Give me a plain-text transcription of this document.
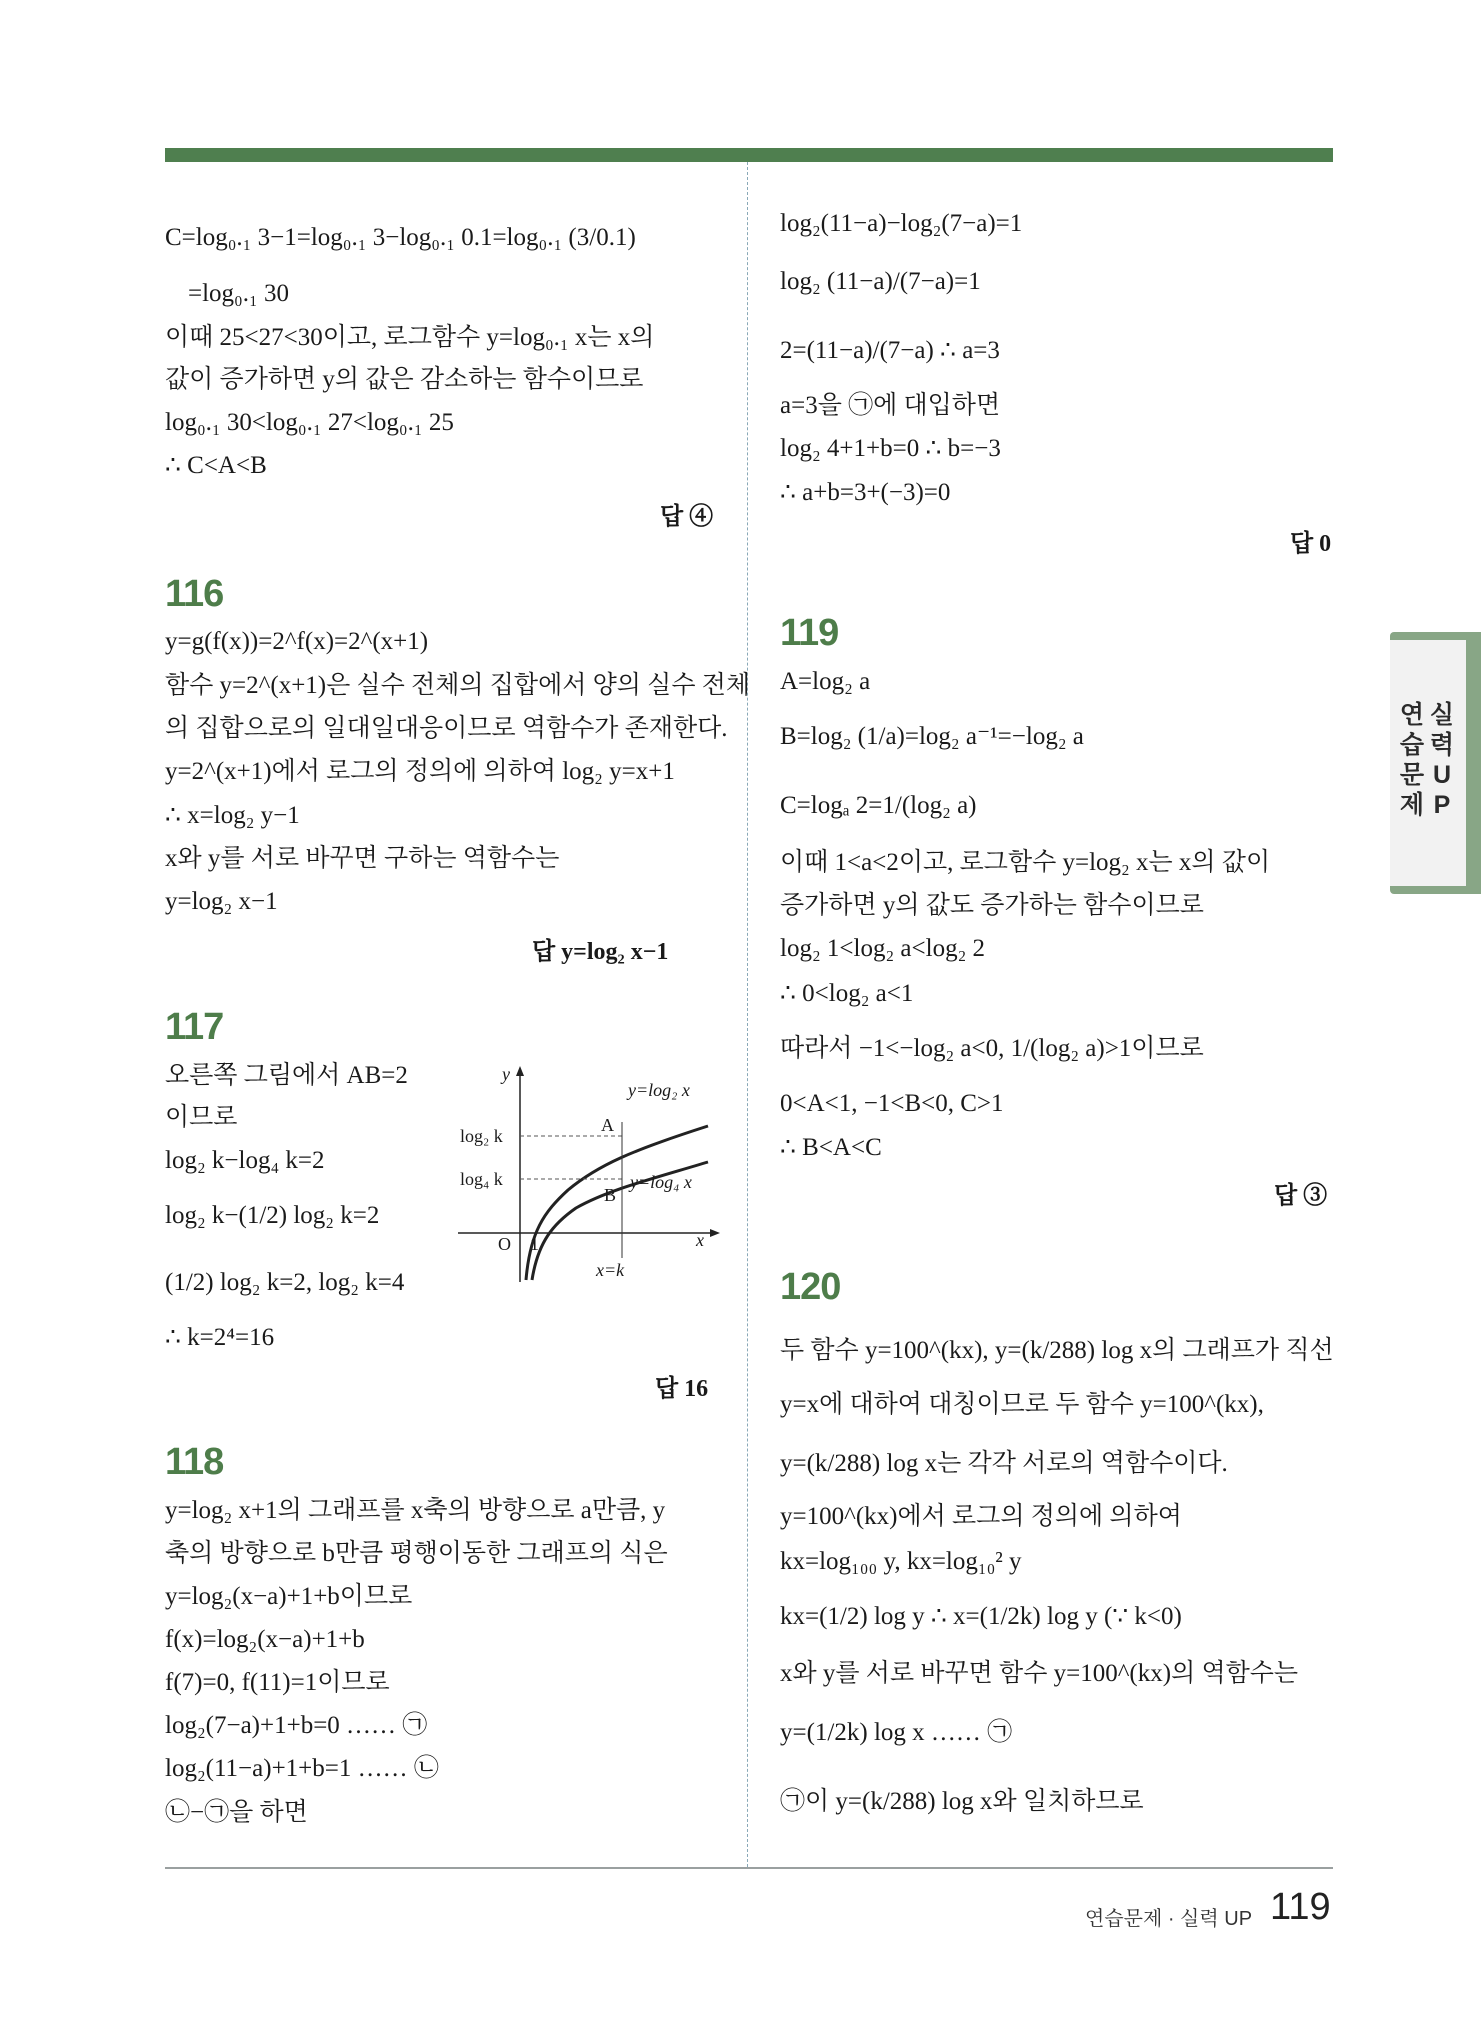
C=log₀.₁ 3−1=log₀.₁ 3−log₀.₁ 0.1=log₀.₁ (3/0.1)
=log₀.₁ 30
이때 25<27<30이고, 로그함수 y=log₀.₁ x는 x의
값이 증가하면 y의 값은 감소하는 함수이므로
log₀.₁ 30<log₀.₁ 27<log₀.₁ 25
∴ C<A<B
답 ④
116
y=g(f(x))=2^f(x)=2^(x+1)
함수 y=2^(x+1)은 실수 전체의 집합에서 양의 실수 전체
의 집합으로의 일대일대응이므로 역함수가 존재한다.
y=2^(x+1)에서 로그의 정의에 의하여 log₂ y=x+1
∴ x=log₂ y−1
x와 y를 서로 바꾸면 구하는 역함수는
y=log₂ x−1
답 y=log₂ x−1
117
오른쪽 그림에서 AB=2
이므로
log₂ k−log₄ k=2
log₂ k−(1/2) log₂ k=2
(1/2) log₂ k=2, log₂ k=4
∴ k=2⁴=16
답 16
y
x
O 1
log₂ k
log₄ k
A
B
y=log₂ x
y=log₄ x
x=k
118
y=log₂ x+1의 그래프를 x축의 방향으로 a만큼, y
축의 방향으로 b만큼 평행이동한 그래프의 식은
y=log₂(x−a)+1+b이므로
f(x)=log₂(x−a)+1+b
f(7)=0, f(11)=1이므로
log₂(7−a)+1+b=0 …… ㉠
log₂(11−a)+1+b=1 …… ㉡
㉡−㉠을 하면
log₂(11−a)−log₂(7−a)=1
log₂ (11−a)/(7−a)=1
2=(11−a)/(7−a) ∴ a=3
a=3을 ㉠에 대입하면
log₂ 4+1+b=0 ∴ b=−3
∴ a+b=3+(−3)=0
답 0
119
A=log₂ a
B=log₂ (1/a)=log₂ a⁻¹=−log₂ a
C=logₐ 2=1/(log₂ a)
이때 1<a<2이고, 로그함수 y=log₂ x는 x의 값이
증가하면 y의 값도 증가하는 함수이므로
log₂ 1<log₂ a<log₂ 2
∴ 0<log₂ a<1
따라서 −1<−log₂ a<0, 1/(log₂ a)>1이므로
0<A<1, −1<B<0, C>1
∴ B<A<C
답 ③
120
두 함수 y=100^(kx), y=(k/288) log x의 그래프가 직선
y=x에 대하여 대칭이므로 두 함수 y=100^(kx),
y=(k/288) log x는 각각 서로의 역함수이다.
y=100^(kx)에서 로그의 정의에 의하여
kx=log₁₀₀ y, kx=log₁₀² y
kx=(1/2) log y ∴ x=(1/2k) log y (∵ k<0)
x와 y를 서로 바꾸면 함수 y=100^(kx)의 역함수는
y=(1/2k) log x …… ㉠
㉠이 y=(k/288) log x와 일치하므로
연습문제
실력UP
연습문제 · 실력 UP 119
